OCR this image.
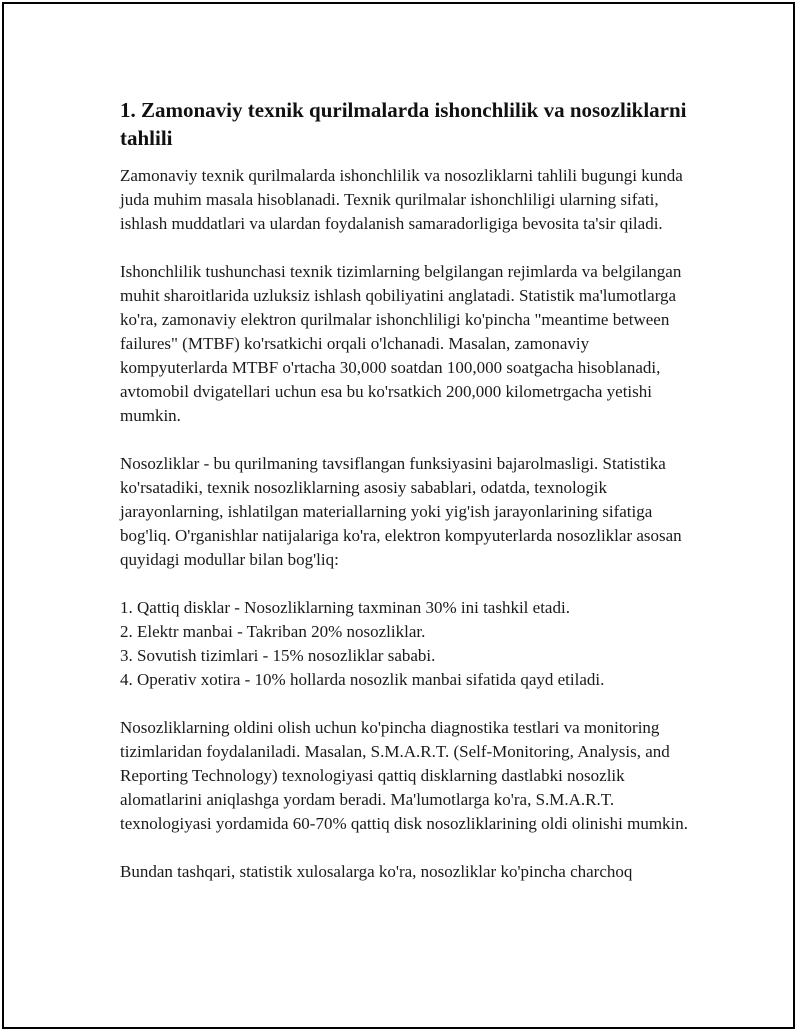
1. Zamonaviy texnik qurilmalarda ishonchlilik va nosozliklarni tahlili

Zamonaviy texnik qurilmalarda ishonchlilik va nosozliklarni tahlili bugungi kunda juda muhim masala hisoblanadi. Texnik qurilmalar ishonchliligi ularning sifati, ishlash muddatlari va ulardan foydalanish samaradorligiga bevosita ta'sir qiladi.

Ishonchlilik tushunchasi texnik tizimlarning belgilangan rejimlarda va belgilangan muhit sharoitlarida uzluksiz ishlash qobiliyatini anglatadi. Statistik ma'lumotlarga ko'ra, zamonaviy elektron qurilmalar ishonchliligi ko'pincha "meantime between failures" (MTBF) ko'rsatkichi orqali o'lchanadi. Masalan, zamonaviy kompyuterlarda MTBF o'rtacha 30,000 soatdan 100,000 soatgacha hisoblanadi, avtomobil dvigatellari uchun esa bu ko'rsatkich 200,000 kilometrgacha yetishi mumkin.

Nosozliklar - bu qurilmaning tavsiflangan funksiyasini bajarolmasligi. Statistika ko'rsatadiki, texnik nosozliklarning asosiy sabablari, odatda, texnologik jarayonlarning, ishlatilgan materiallarning yoki yig'ish jarayonlarining sifatiga bog'liq. O'rganishlar natijalariga ko'ra, elektron kompyuterlarda nosozliklar asosan quyidagi modullar bilan bog'liq:

1. Qattiq disklar - Nosozliklarning taxminan 30% ini tashkil etadi.
2. Elektr manbai - Takriban 20% nosozliklar.
3. Sovutish tizimlari - 15% nosozliklar sababi.
4. Operativ xotira - 10% hollarda nosozlik manbai sifatida qayd etiladi.

Nosozliklarning oldini olish uchun ko'pincha diagnostika testlari va monitoring tizimlaridan foydalaniladi. Masalan, S.M.A.R.T. (Self-Monitoring, Analysis, and Reporting Technology) texnologiyasi qattiq disklarning dastlabki nosozlik alomatlarini aniqlashga yordam beradi. Ma'lumotlarga ko'ra, S.M.A.R.T. texnologiyasi yordamida 60-70% qattiq disk nosozliklarining oldi olinishi mumkin.

Bundan tashqari, statistik xulosalarga ko'ra, nosozliklar ko'pincha charchoq
